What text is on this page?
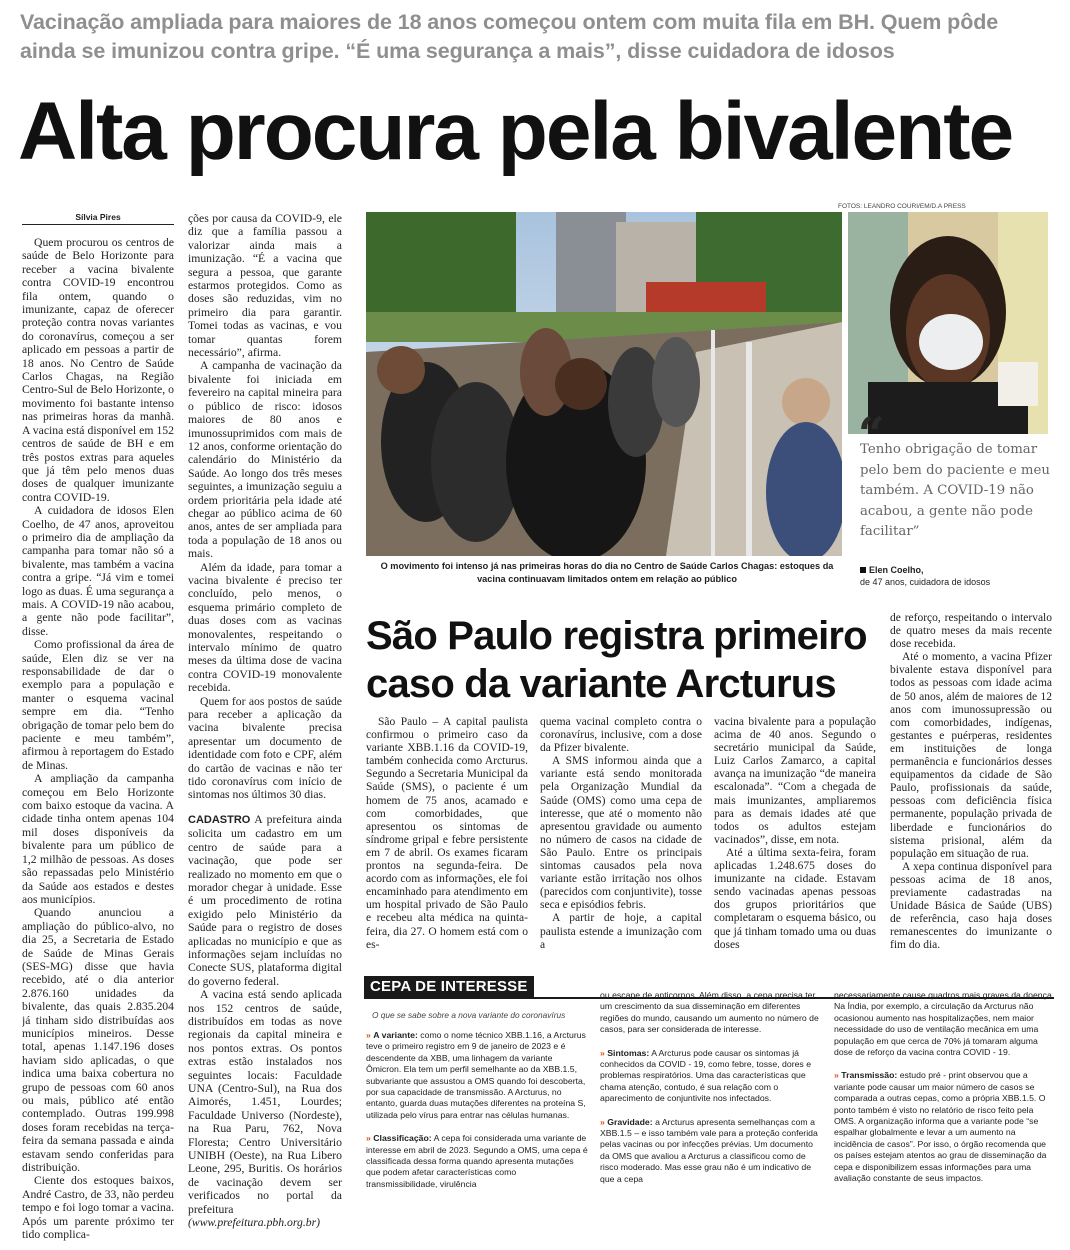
Vacinação ampliada para maiores de 18 anos começou ontem com muita fila em BH. Quem pôde ainda se imunizou contra gripe. “É uma segurança a mais”, disse cuidadora de idosos
Alta procura pela bivalente
Sílvia Pires

Quem procurou os centros de saúde de Belo Horizonte para receber a vacina bivalente contra COVID-19 encontrou fila ontem, quando o imunizante, capaz de oferecer proteção contra novas variantes do coronavírus, começou a ser aplicado em pessoas a partir de 18 anos. No Centro de Saúde Carlos Chagas, na Região Centro-Sul de Belo Horizonte, o movimento foi bastante intenso nas primeiras horas da manhã. A vacina está disponível em 152 centros de saúde de BH e em três postos extras para aqueles que já têm pelo menos duas doses de qualquer imunizante contra COVID-19.

A cuidadora de idosos Elen Coelho, de 47 anos, aproveitou o primeiro dia de ampliação da campanha para tomar não só a bivalente, mas também a vacina contra a gripe. “Já vim e tomei logo as duas. É uma segurança a mais. A COVID-19 não acabou, a gente não pode facilitar”, disse.

Como profissional da área de saúde, Elen diz se ver na responsabilidade de dar o exemplo para a população e manter o esquema vacinal sempre em dia. “Tenho obrigação de tomar pelo bem do paciente e meu também”, afirmou à reportagem do Estado de Minas.

A ampliação da campanha começou em Belo Horizonte com baixo estoque da vacina. A cidade tinha ontem apenas 104 mil doses disponíveis da bivalente para um público de 1,2 milhão de pessoas. As doses são repassadas pelo Ministério da Saúde aos estados e destes aos municípios.

Quando anunciou a ampliação do público-alvo, no dia 25, a Secretaria de Estado de Saúde de Minas Gerais (SES-MG) disse que havia recebido, até o dia anterior 2.876.160 unidades da bivalente, das quais 2.835.204 já tinham sido distribuídas aos municípios mineiros. Desse total, apenas 1.147.196 doses haviam sido aplicadas, o que indica uma baixa cobertura no grupo de pessoas com 60 anos ou mais, público até então contemplado. Outras 199.998 doses foram recebidas na terça-feira da semana passada e ainda estavam sendo conferidas para distribuição.

Ciente dos estoques baixos, André Castro, de 33, não perdeu tempo e foi logo tomar a vacina. Após um parente próximo ter tido complica-

ções por causa da COVID-9, ele diz que a família passou a valorizar ainda mais a imunização. “É a vacina que segura a pessoa, que garante estarmos protegidos. Como as doses são reduzidas, vim no primeiro dia para garantir. Tomei todas as vacinas, e vou tomar quantas forem necessário”, afirma.

A campanha de vacinação da bivalente foi iniciada em fevereiro na capital mineira para o público de risco: idosos maiores de 80 anos e imunossuprimidos com mais de 12 anos, conforme orientação do calendário do Ministério da Saúde. Ao longo dos três meses seguintes, a imunização seguiu a ordem prioritária pela idade até chegar ao público acima de 60 anos, antes de ser ampliada para toda a população de 18 anos ou mais.

Além da idade, para tomar a vacina bivalente é preciso ter concluído, pelo menos, o esquema primário completo de duas doses com as vacinas monovalentes, respeitando o intervalo mínimo de quatro meses da última dose de vacina contra COVID-19 monovalente recebida.

Quem for aos postos de saúde para receber a aplicação da vacina bivalente precisa apresentar um documento de identidade com foto e CPF, além do cartão de vacinas e não ter tido coronavírus com início de sintomas nos últimos 30 dias.

CADASTRO A prefeitura ainda solicita um cadastro em um centro de saúde para a vacinação, que pode ser realizado no momento em que o morador chegar à unidade. Esse é um procedimento de rotina exigido pelo Ministério da Saúde para o registro de doses aplicadas no município e que as informações sejam incluídas no Conecte SUS, plataforma digital do governo federal.

A vacina está sendo aplicada nos 152 centros de saúde, distribuídos em todas as nove regionais da capital mineira e nos pontos extras. Os pontos extras estão instalados nos seguintes locais: Faculdade UNA (Centro-Sul), na Rua dos Aimorés, 1.451, Lourdes; Faculdade Universo (Nordeste), na Rua Paru, 762, Nova Floresta; Centro Universitário UNIBH (Oeste), na Rua Libero Leone, 295, Buritis. Os horários de vacinação devem ser verificados no portal da prefeitura (www.prefeitura.pbh.org.br)

FOTOS: LEANDRO COURI/EM/D.A PRESS
O movimento foi intenso já nas primeiras horas do dia no Centro de Saúde Carlos Chagas: estoques da vacina continuavam limitados ontem em relação ao público
“
Tenho obrigação de tomar pelo bem do paciente e meu também. A COVID-19 não acabou, a gente não pode facilitar”
Elen Coelho,
de 47 anos, cuidadora de idosos
São Paulo registra primeiro caso da variante Arcturus

São Paulo – A capital paulista confirmou o primeiro caso da variante XBB.1.16 da COVID-19, também conhecida como Arcturus. Segundo a Secretaria Municipal da Saúde (SMS), o paciente é um homem de 75 anos, acamado e com comorbidades, que apresentou os sintomas de síndrome gripal e febre persistente em 7 de abril. Os exames ficaram prontos na segunda-feira. De acordo com as informações, ele foi encaminhado para atendimento em um hospital privado de São Paulo e recebeu alta médica na quinta-feira, dia 27. O homem está com o es-

quema vacinal completo contra o coronavírus, inclusive, com a dose da Pfizer bivalente.

A SMS informou ainda que a variante está sendo monitorada pela Organização Mundial da Saúde (OMS) como uma cepa de interesse, que até o momento não apresentou gravidade ou aumento no número de casos na cidade de São Paulo. Entre os principais sintomas causados pela nova variante estão irritação nos olhos (parecidos com conjuntivite), tosse seca e episódios febris.

A partir de hoje, a capital paulista estende a imunização com a

vacina bivalente para a população acima de 40 anos. Segundo o secretário municipal da Saúde, Luiz Carlos Zamarco, a capital avança na imunização “de maneira escalonada”. “Com a chegada de mais imunizantes, ampliaremos para as demais idades até que todos os adultos estejam vacinados”, disse, em nota.

Até a última sexta-feira, foram aplicadas 1.248.675 doses do imunizante na cidade. Estavam sendo vacinadas apenas pessoas dos grupos prioritários que completaram o esquema básico, ou que já tinham tomado uma ou duas doses

de reforço, respeitando o intervalo de quatro meses da mais recente dose recebida.

Até o momento, a vacina Pfizer bivalente estava disponível para todos as pessoas com idade acima de 50 anos, além de maiores de 12 anos com imunossupressão ou com comorbidades, indígenas, gestantes e puérperas, residentes em instituições de longa permanência e funcionários desses equipamentos da cidade de São Paulo, profissionais da saúde, pessoas com deficiência física permanente, população privada de liberdade e funcionários do sistema prisional, além da população em situação de rua.

A xepa continua disponível para pessoas acima de 18 anos, previamente cadastradas na Unidade Básica de Saúde (UBS) de referência, caso haja doses remanescentes do imunizante o fim do dia.

CEPA DE INTERESSE
O que se sabe sobre a nova variante do coronavírus

» A variante: como o nome técnico XBB.1.16, a Arcturus teve o primeiro registro em 9 de janeiro de 2023 e é descendente da XBB, uma linhagem da variante Ômicron. Ela tem um perfil semelhante ao da XBB.1.5, subvariante que assustou a OMS quando foi descoberta, por sua capacidade de transmissão. A Arcturus, no entanto, guarda duas mutações diferentes na proteína S, utilizada pelo vírus para entrar nas células humanas.

» Classificação: A cepa foi considerada uma variante de interesse em abril de 2023. Segundo a OMS, uma cepa é classificada dessa forma quando apresenta mutações que podem afetar características como transmissibilidade, virulência

ou escape de anticorpos. Além disso, a cepa precisa ter um crescimento da sua disseminação em diferentes regiões do mundo, causando um aumento no número de casos, para ser considerada de interesse.

» Sintomas: A Arcturus pode causar os sintomas já conhecidos da COVID - 19, como febre, tosse, dores e problemas respiratórios. Uma das características que chama atenção, contudo, é sua relação com o aparecimento de conjuntivite nos infectados.

» Gravidade: a Arcturus apresenta semelhanças com a XBB.1.5 – e isso também vale para a proteção conferida pelas vacinas ou por infecções prévias. Um documento da OMS que avaliou a Arcturus a classificou como de risco moderado. Mas esse grau não é um indicativo de que a cepa

necessariamente cause quadros mais graves da doença. Na Índia, por exemplo, a circulação da Arcturus não ocasionou aumento nas hospitalizações, nem maior necessidade do uso de ventilação mecânica em uma população em que cerca de 70% já tomaram alguma dose de reforço da vacina contra COVID - 19.

» Transmissão: estudo pré - print observou que a variante pode causar um maior número de casos se comparada a outras cepas, como a própria XBB.1.5. O ponto também é visto no relatório de risco feito pela OMS. A organização informa que a variante pode “se espalhar globalmente e levar a um aumento na incidência de casos”. Por isso, o órgão recomenda que os países estejam atentos ao grau de disseminação da cepa e disponibilizem essas informações para uma avaliação constante de seus impactos.
